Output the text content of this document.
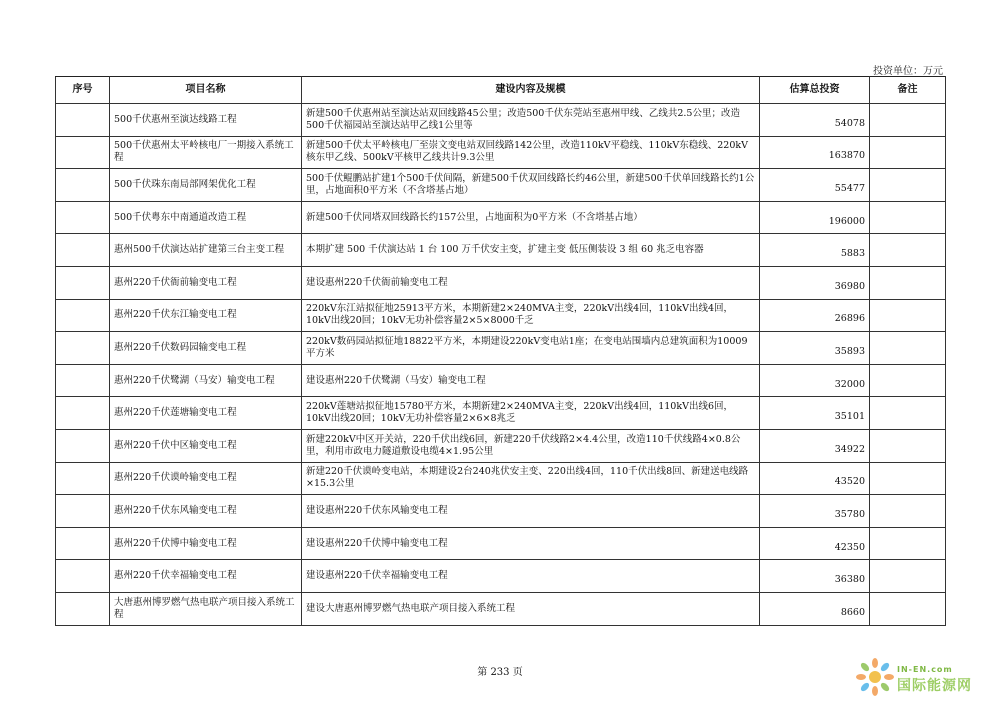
投资单位：万元
序号	项目名称	建设内容及规模	估算总投资	备注
	500千伏惠州至演达线路工程	新建500千伏惠州站至演达站双回线路45公里；改造500千伏东莞站至惠州甲线、乙线共2.5公里；改造500千伏福园站至演达站甲乙线1公里等	54078	

	500千伏惠州太平岭核电厂一期接入系统工程	新建500千伏太平岭核电厂至崇文变电站双回线路142公里，改造110kV平稳线、110kV东稳线、220kV核东甲乙线、500kV平核甲乙线共计9.3公里	163870	

	500千伏珠东南局部网架优化工程	500千伏鲲鹏站扩建1个500千伏间隔，新建500千伏双回线路长约46公里，新建500千伏单回线路长约1公里，占地面积0平方米（不含塔基占地）	55477	

	500千伏粤东中南通道改造工程	新建500千伏同塔双回线路长约157公里，占地面积为0平方米（不含塔基占地）	196000	

	惠州500千伏演达站扩建第三台主变工程	本期扩建 500 千伏演达站 1 台 100 万千伏安主变，扩建主变 低压侧装设 3 组 60 兆乏电容器	5883	

	惠州220千伏衙前输变电工程	建设惠州220千伏衙前输变电工程	36980	

	惠州220千伏东江输变电工程	220kV东江站拟征地25913平方米，本期新建2×240MVA主变，220kV出线4回，110kV出线4回，10kV出线20回；10kV无功补偿容量2×5×8000千乏	26896	

	惠州220千伏数码园输变电工程	220kV数码园站拟征地18822平方米，本期建设220kV变电站1座；在变电站围墙内总建筑面积为10009平方米	35893	

	惠州220千伏鹭湖（马安）输变电工程	建设惠州220千伏鹭湖（马安）输变电工程	32000	

	惠州220千伏莲塘输变电工程	220kV莲塘站拟征地15780平方米，本期新建2×240MVA主变，220kV出线4回，110kV出线6回，10kV出线20回；10kV无功补偿容量2×6×8兆乏	35101	

	惠州220千伏中区输变电工程	新建220kV中区开关站，220千伏出线6回，新建220千伏线路2×4.4公里，改造110千伏线路4×0.8公里，利用市政电力隧道敷设电缆4×1.95公里	34922	

	惠州220千伏谟岭输变电工程	新建220千伏谟岭变电站，本期建设2台240兆伏安主变、220出线4回，110千伏出线8回、新建送电线路×15.3公里	43520	

	惠州220千伏东风输变电工程	建设惠州220千伏东风输变电工程	35780	

	惠州220千伏博中输变电工程	建设惠州220千伏博中输变电工程	42350	

	惠州220千伏幸福输变电工程	建设惠州220千伏幸福输变电工程	36380	

	大唐惠州博罗燃气热电联产项目接入系统工程	建设大唐惠州博罗燃气热电联产项目接入系统工程	8660	

第 233 页	IN-EN.com
国际能源网
